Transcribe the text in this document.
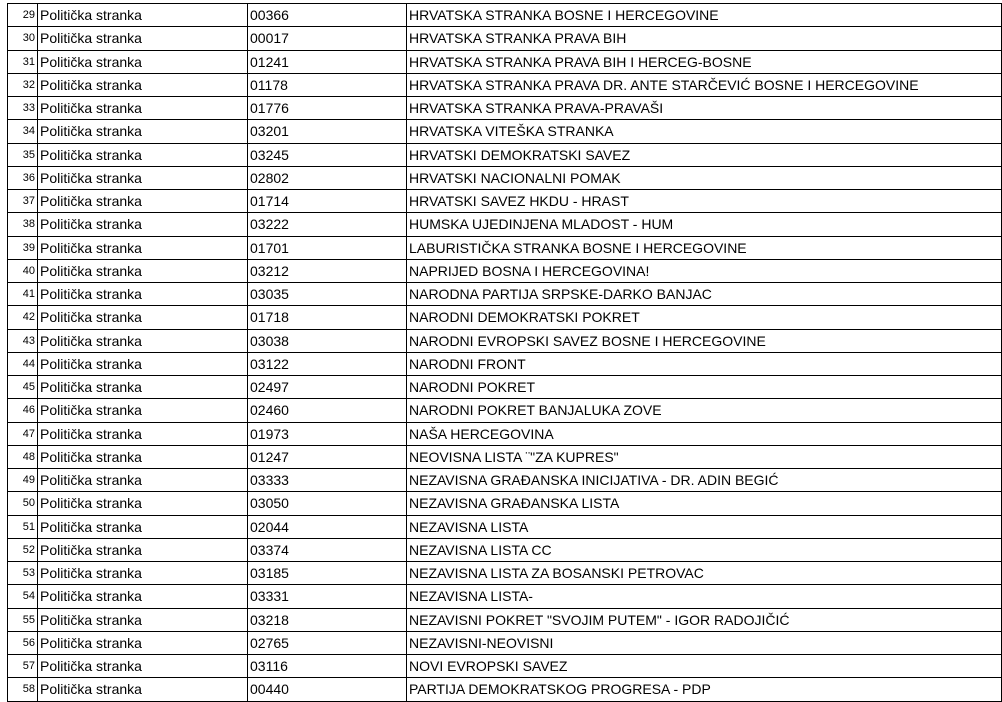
29	Politička stranka	00366	HRVATSKA STRANKA BOSNE I HERCEGOVINE
30	Politička stranka	00017	HRVATSKA STRANKA PRAVA BIH
31	Politička stranka	01241	HRVATSKA STRANKA PRAVA BIH I HERCEG-BOSNE
32	Politička stranka	01178	HRVATSKA STRANKA PRAVA DR. ANTE STARČEVIĆ BOSNE I HERCEGOVINE
33	Politička stranka	01776	HRVATSKA STRANKA PRAVA-PRAVAŠI
34	Politička stranka	03201	HRVATSKA VITEŠKA STRANKA
35	Politička stranka	03245	HRVATSKI DEMOKRATSKI SAVEZ
36	Politička stranka	02802	HRVATSKI NACIONALNI POMAK
37	Politička stranka	01714	HRVATSKI SAVEZ HKDU - HRAST
38	Politička stranka	03222	HUMSKA UJEDINJENA MLADOST - HUM
39	Politička stranka	01701	LABURISTIČKA STRANKA BOSNE I HERCEGOVINE
40	Politička stranka	03212	NAPRIJED BOSNA I HERCEGOVINA!
41	Politička stranka	03035	NARODNA PARTIJA SRPSKE-DARKO BANJAC
42	Politička stranka	01718	NARODNI DEMOKRATSKI POKRET
43	Politička stranka	03038	NARODNI EVROPSKI SAVEZ BOSNE I HERCEGOVINE
44	Politička stranka	03122	NARODNI FRONT
45	Politička stranka	02497	NARODNI POKRET
46	Politička stranka	02460	NARODNI POKRET BANJALUKA ZOVE
47	Politička stranka	01973	NAŠA HERCEGOVINA
48	Politička stranka	01247	NEOVISNA LISTA ¨"ZA KUPRES"
49	Politička stranka	03333	NEZAVISNA GRAĐANSKA INICIJATIVA - DR. ADIN BEGIĆ
50	Politička stranka	03050	NEZAVISNA GRAĐANSKA LISTA
51	Politička stranka	02044	NEZAVISNA LISTA
52	Politička stranka	03374	NEZAVISNA LISTA CC
53	Politička stranka	03185	NEZAVISNA LISTA ZA BOSANSKI PETROVAC
54	Politička stranka	03331	NEZAVISNA LISTA-
55	Politička stranka	03218	NEZAVISNI POKRET "SVOJIM PUTEM" - IGOR RADOJIČIĆ
56	Politička stranka	02765	NEZAVISNI-NEOVISNI
57	Politička stranka	03116	NOVI EVROPSKI SAVEZ
58	Politička stranka	00440	PARTIJA DEMOKRATSKOG PROGRESA - PDP
